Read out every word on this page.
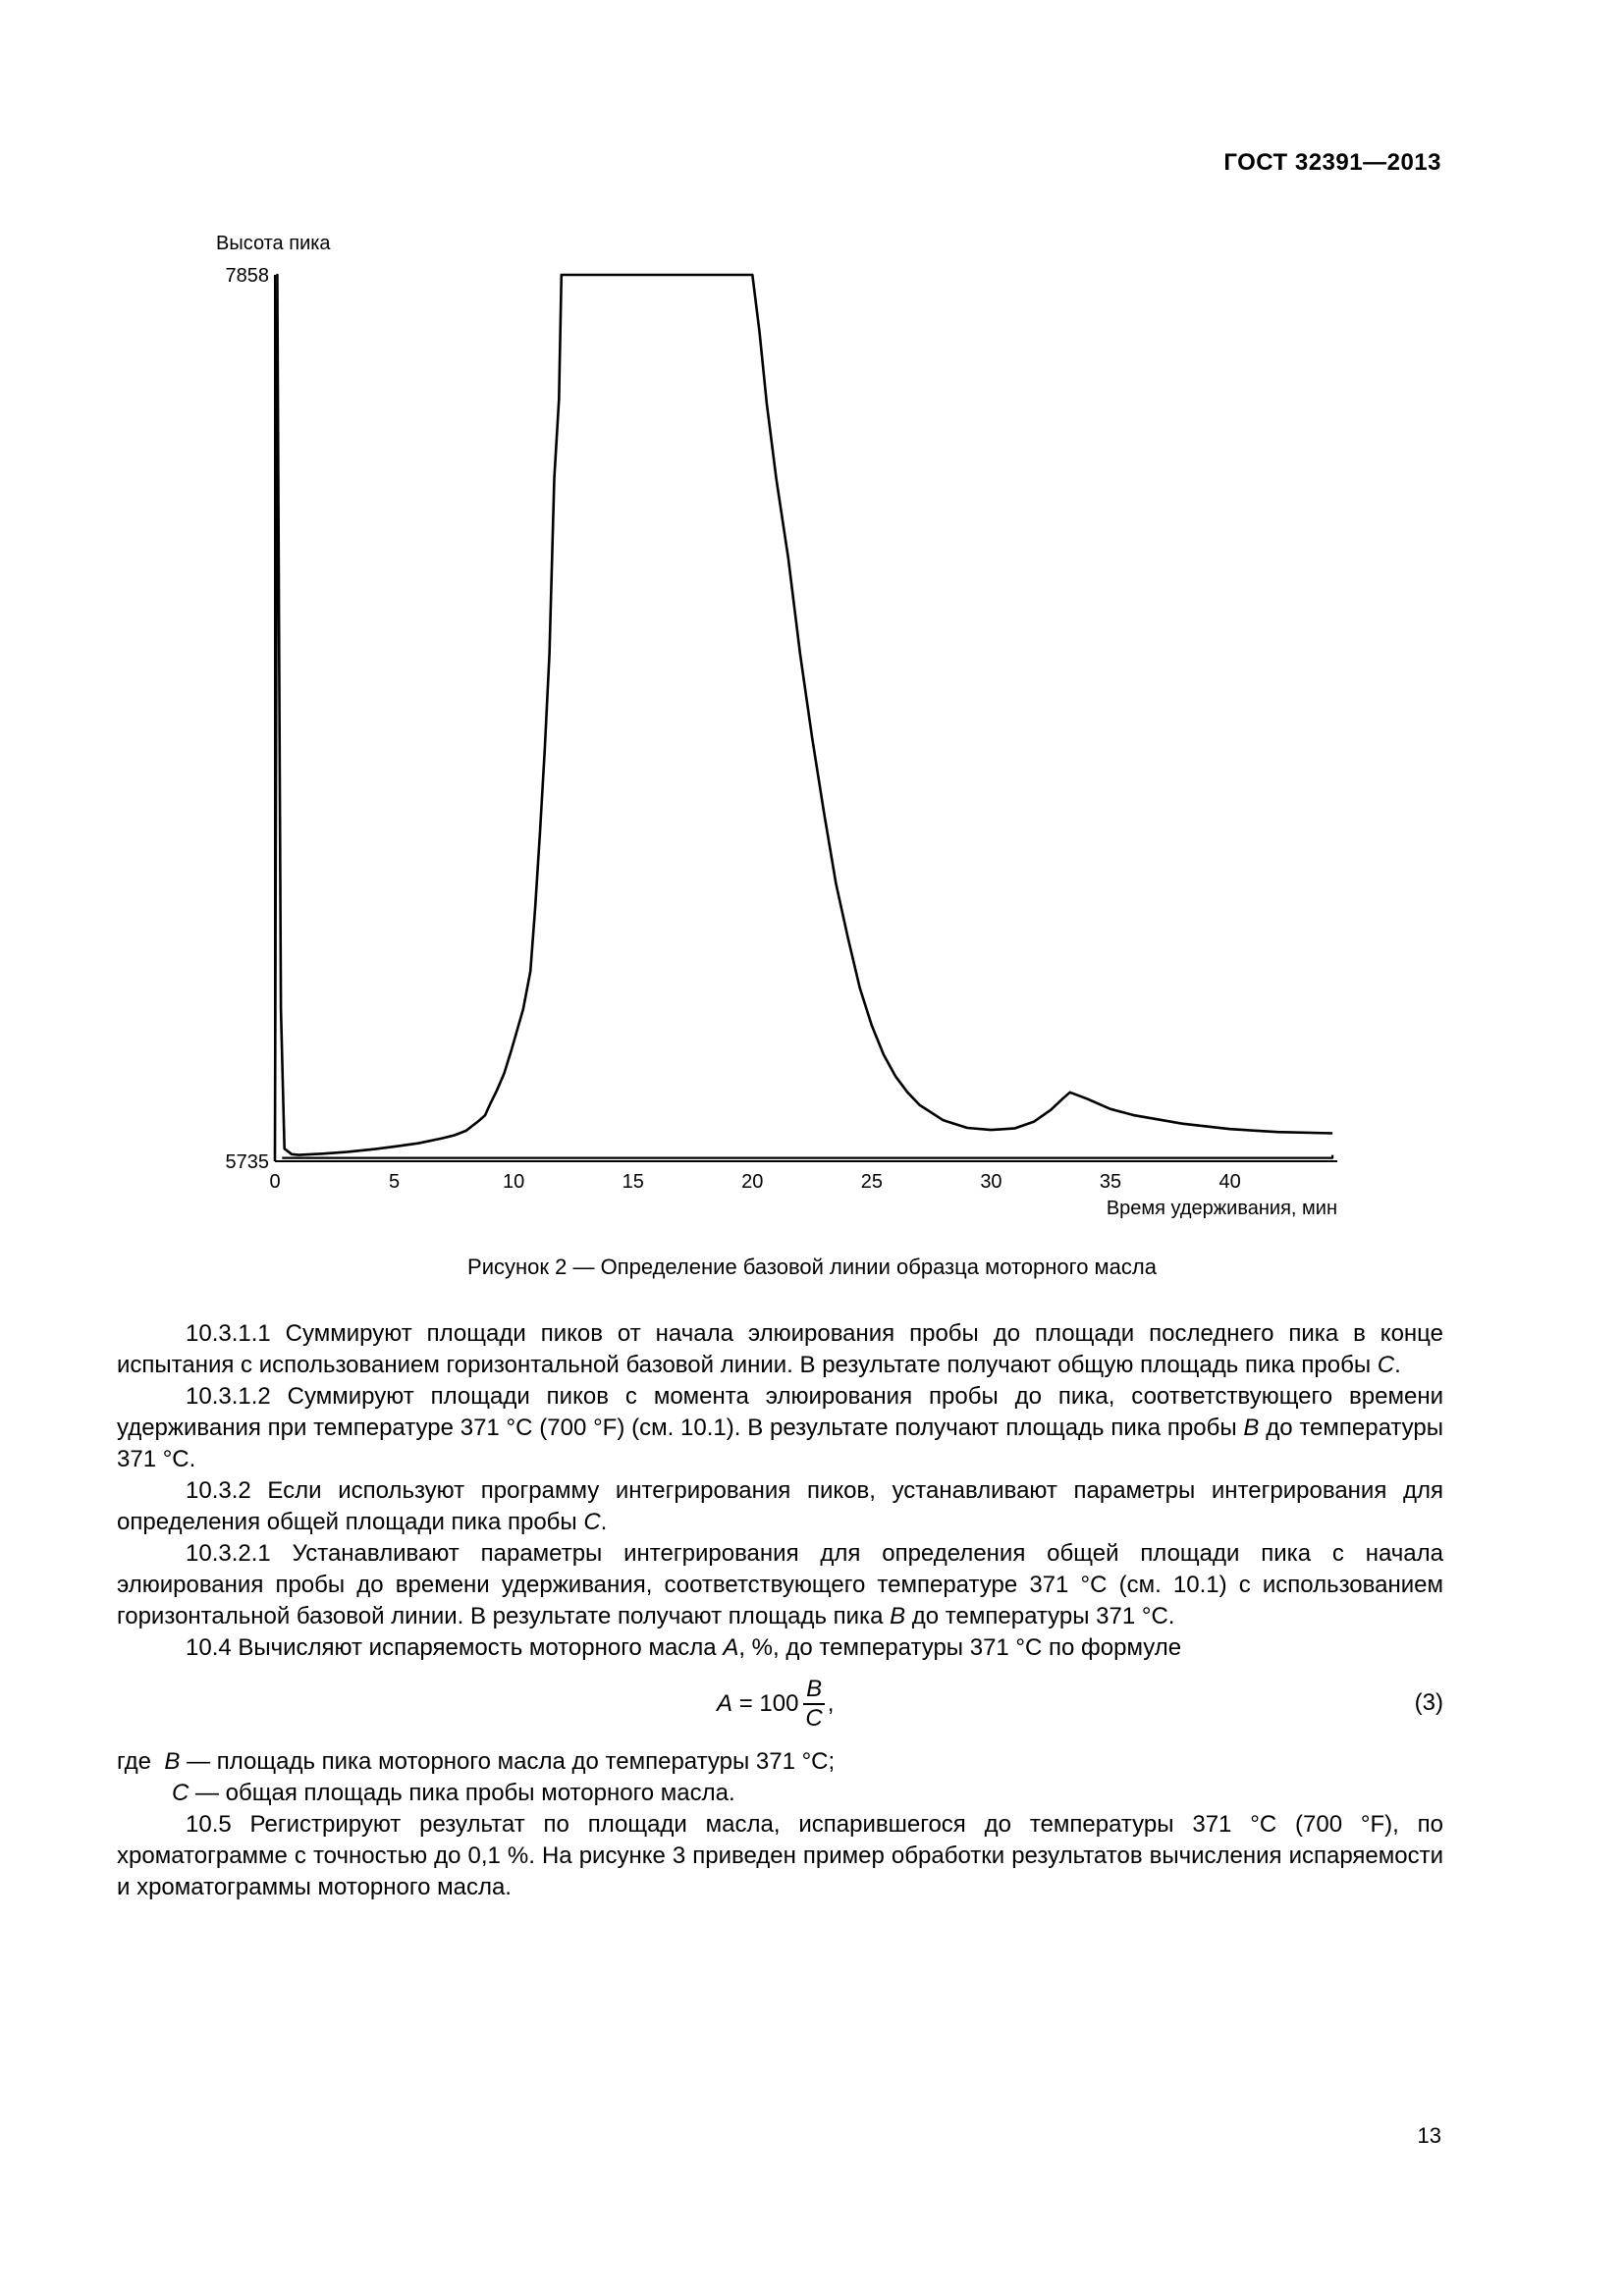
ГОСТ 32391—2013
Высота пика
Время удерживания, мин
7858
5735
0	5	10	15	20	25	30	35	40
Рисунок 2 — Определение базовой линии образца моторного масла

10.3.1.1 Суммируют площади пиков от начала элюирования пробы до площади последнего пика в конце испытания с использованием горизонтальной базовой линии. В результате получают общую площадь пика пробы C.

10.3.1.2 Суммируют площади пиков с момента элюирования пробы до пика, соответствующего времени удерживания при температуре 371 °C (700 °F) (см. 10.1). В результате получают площадь пика пробы B до температуры 371 °C.

10.3.2 Если используют программу интегрирования пиков, устанавливают параметры интегрирования для определения общей площади пика пробы C.

10.3.2.1 Устанавливают параметры интегрирования для определения общей площади пика с начала элюирования пробы до времени удерживания, соответствующего температуре 371 °C (см. 10.1) с использованием горизонтальной базовой линии. В результате получают площадь пика B до температуры 371 °C.

10.4 Вычисляют испаряемость моторного масла A, %, до температуры 371 °C по формуле

A
= $100 \frac{B}{C}$ ,	(3)

где B — площадь пика моторного масла до температуры 371 °C;

C — общая площадь пика пробы моторного масла.

10.5 Регистрируют результат по площади масла, испарившегося до температуры 371 °C (700 °F), по хроматограмме с точностью до 0,1 %. На рисунке 3 приведен пример обработки результатов вычисления испаряемости и хроматограммы моторного масла.

13
